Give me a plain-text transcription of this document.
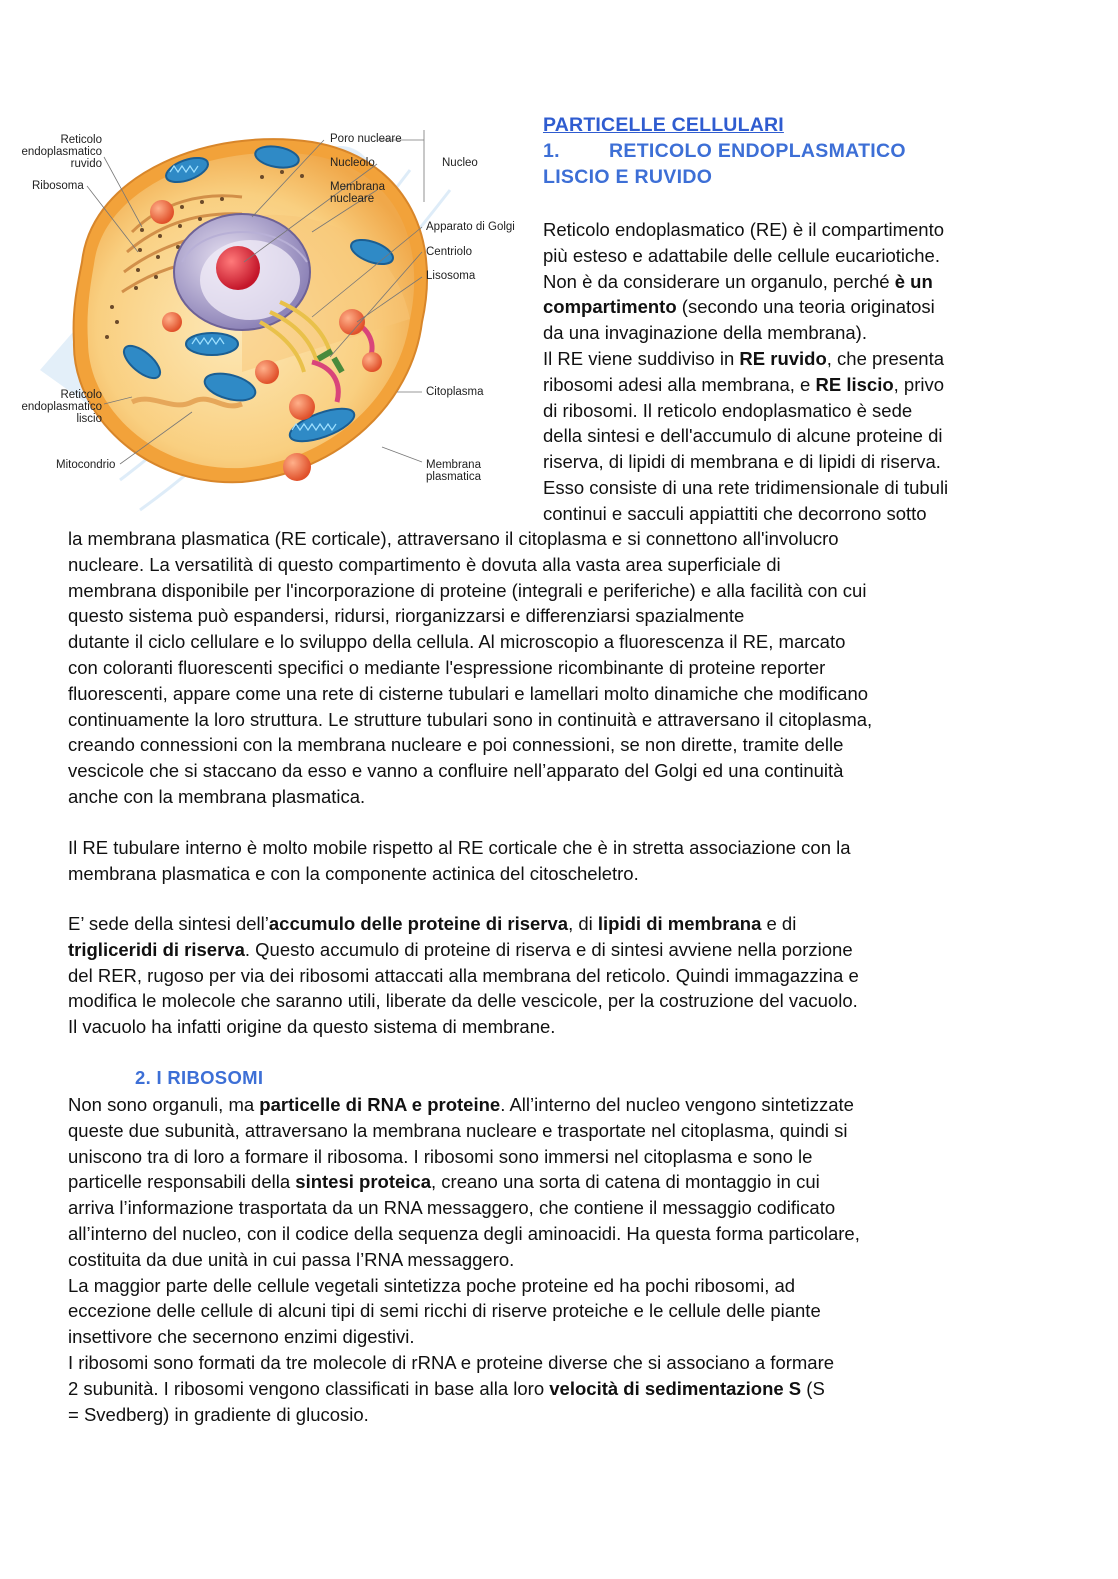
Reticolo
endoplasmatico
ruvido
Ribosoma
Reticolo
endoplasmatico
liscio
Mitocondrio
Poro nucleare
Nucleolo	Nucleo
Membrana
nucleare
Apparato di Golgi
Centriolo
Lisosoma
Citoplasma
Membrana
plasmatica
PARTICELLE CELLULARI
1.	RETICOLO ENDOPLASMATICO
LISCIO E RUVIDO
Reticolo endoplasmatico (RE) è il compartimento
più esteso e adattabile delle cellule eucariotiche.
Non è da considerare un organulo, perché è un
compartimento (secondo una teoria originatosi
da una invaginazione della membrana).
Il RE viene suddiviso in RE ruvido, che presenta
ribosomi adesi alla membrana, e RE liscio, privo
di ribosomi. Il reticolo endoplasmatico è sede
della sintesi e dell'accumulo di alcune proteine di
riserva, di lipidi di membrana e di lipidi di riserva.
Esso consiste di una rete tridimensionale di tubuli
continui e sacculi appiattiti che decorrono sotto
la membrana plasmatica (RE corticale), attraversano il citoplasma e si connettono all'involucro
nucleare. La versatilità di questo compartimento è dovuta alla vasta area superficiale di
membrana disponibile per l'incorporazione di proteine (integrali e periferiche) e alla facilità con cui
questo sistema può espandersi, ridursi, riorganizzarsi e differenziarsi spazialmente
dutante il ciclo cellulare e lo sviluppo della cellula. Al microscopio a fluorescenza il RE, marcato
con coloranti fluorescenti specifici o mediante l'espressione ricombinante di proteine reporter
fluorescenti, appare come una rete di cisterne tubulari e lamellari molto dinamiche che modificano
continuamente la loro struttura. Le strutture tubulari sono in continuità e attraversano il citoplasma,
creando connessioni con la membrana nucleare e poi connessioni, se non dirette, tramite delle
vescicole che si staccano da esso e vanno a confluire nell’apparato del Golgi ed una continuità
anche con la membrana plasmatica.
Il RE tubulare interno è molto mobile rispetto al RE corticale che è in stretta associazione con la
membrana plasmatica e con la componente actinica del citoscheletro.
E’ sede della sintesi dell’accumulo delle proteine di riserva, di lipidi di membrana e di
trigliceridi di riserva. Questo accumulo di proteine di riserva e di sintesi avviene nella porzione
del RER, rugoso per via dei ribosomi attaccati alla membrana del reticolo. Quindi immagazzina e
modifica le molecole che saranno utili, liberate da delle vescicole, per la costruzione del vacuolo.
Il vacuolo ha infatti origine da questo sistema di membrane.
2. I RIBOSOMI
Non sono organuli, ma particelle di RNA e proteine. All’interno del nucleo vengono sintetizzate
queste due subunità, attraversano la membrana nucleare e trasportate nel citoplasma, quindi si
uniscono tra di loro a formare il ribosoma. I ribosomi sono immersi nel citoplasma e sono le
particelle responsabili della sintesi proteica, creano una sorta di catena di montaggio in cui
arriva l’informazione trasportata da un RNA messaggero, che contiene il messaggio codificato
all’interno del nucleo, con il codice della sequenza degli aminoacidi. Ha questa forma particolare,
costituita da due unità in cui passa l’RNA messaggero.
La maggior parte delle cellule vegetali sintetizza poche proteine ed ha pochi ribosomi, ad
eccezione delle cellule di alcuni tipi di semi ricchi di riserve proteiche e le cellule delle piante
insettivore che secernono enzimi digestivi.
I ribosomi sono formati da tre molecole di rRNA e proteine diverse che si associano a formare
2 subunità. I ribosomi vengono classificati in base alla loro velocità di sedimentazione S (S
= Svedberg) in gradiente di glucosio.
